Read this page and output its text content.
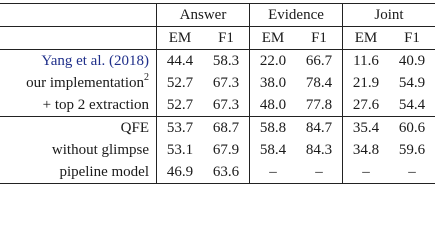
	Answer		Evidence		Joint	
	EM	F1	EM	F1	EM	F1
Yang et al. (2018)	44.4	58.3	22.0	66.7	11.6	40.9
our implementation$^2$	52.7	67.3	38.0	78.4	21.9	54.9
+ top 2 extraction	52.7	67.3	48.0	77.8	27.6	54.4
QFE	53.7	68.7	58.8	84.7	35.4	60.6
without glimpse	53.1	67.9	58.4	84.3	34.8	59.6
pipeline model	46.9	63.6	–	–	–	–
